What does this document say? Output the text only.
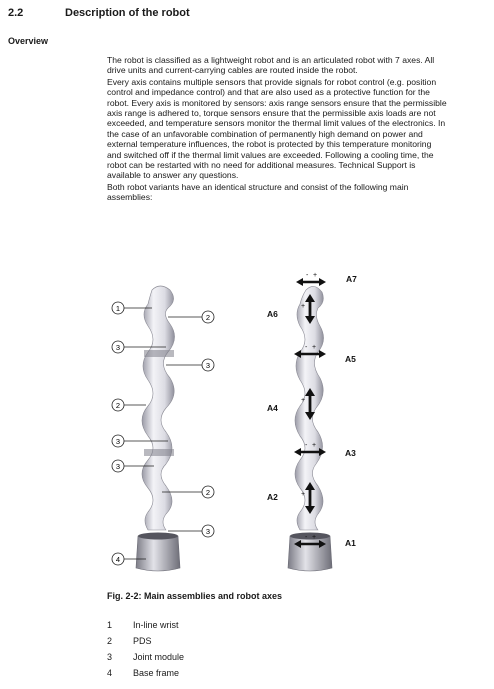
2.2	Description of the robot
Overview

The robot is classified as a lightweight robot and is an articulated robot with 7 axes. All drive units and current-carrying cables are routed inside the robot.

Every axis contains multiple sensors that provide signals for robot control (e.g. position control and impedance control) and that are also used as a protective function for the robot. Every axis is monitored by sensors: axis range sensors ensure that the permissible axis range is adhered to, torque sensors ensure that the permissible axis loads are not exceeded, and temperature sensors monitor the thermal limit values of the electronics. In the case of an unfavorable combination of permanently high demand on power and external temperature influences, the robot is protected by this temperature monitoring and switched off if the thermal limit values are exceeded. Following a cooling time, the robot can be restarted with no need for additional measures. Technical Support is available to answer any questions.

Both robot variants have an identical structure and consist of the following main assemblies:

- +
+
- +
+
- +
+
- +
A7
A6
A5
A4
A3
A2
A1
1
2
3
3
2
3
3
2
3
4
Fig. 2-2: Main assemblies and robot axes
1	In-line wrist
2	PDS
3	Joint module
4	Base frame
